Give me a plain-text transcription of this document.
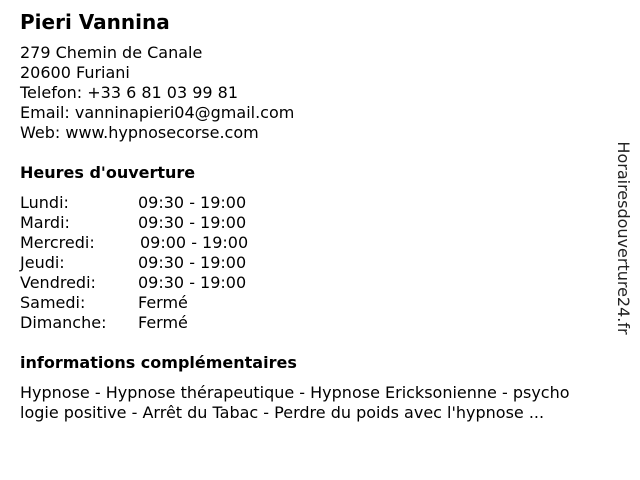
Pieri Vannina
279 Chemin de Canale
20600 Furiani
Telefon: +33 6 81 03 99 81
Email: vanninapieri04@gmail.com
Web: www.hypnosecorse.com
Heures d'ouverture
Lundi:	09:30 - 19:00
Mardi:	09:30 - 19:00
Mercredi:	09:00 - 19:00
Jeudi:	09:30 - 19:00
Vendredi:	09:30 - 19:00
Samedi:	Fermé
Dimanche: Fermé
informations complémentaires
Hypnose - Hypnose thérapeutique - Hypnose Ericksonienne - psycho
logie positive - Arrêt du Tabac - Perdre du poids avec l'hypnose ...
Horairesdouverture24.fr
